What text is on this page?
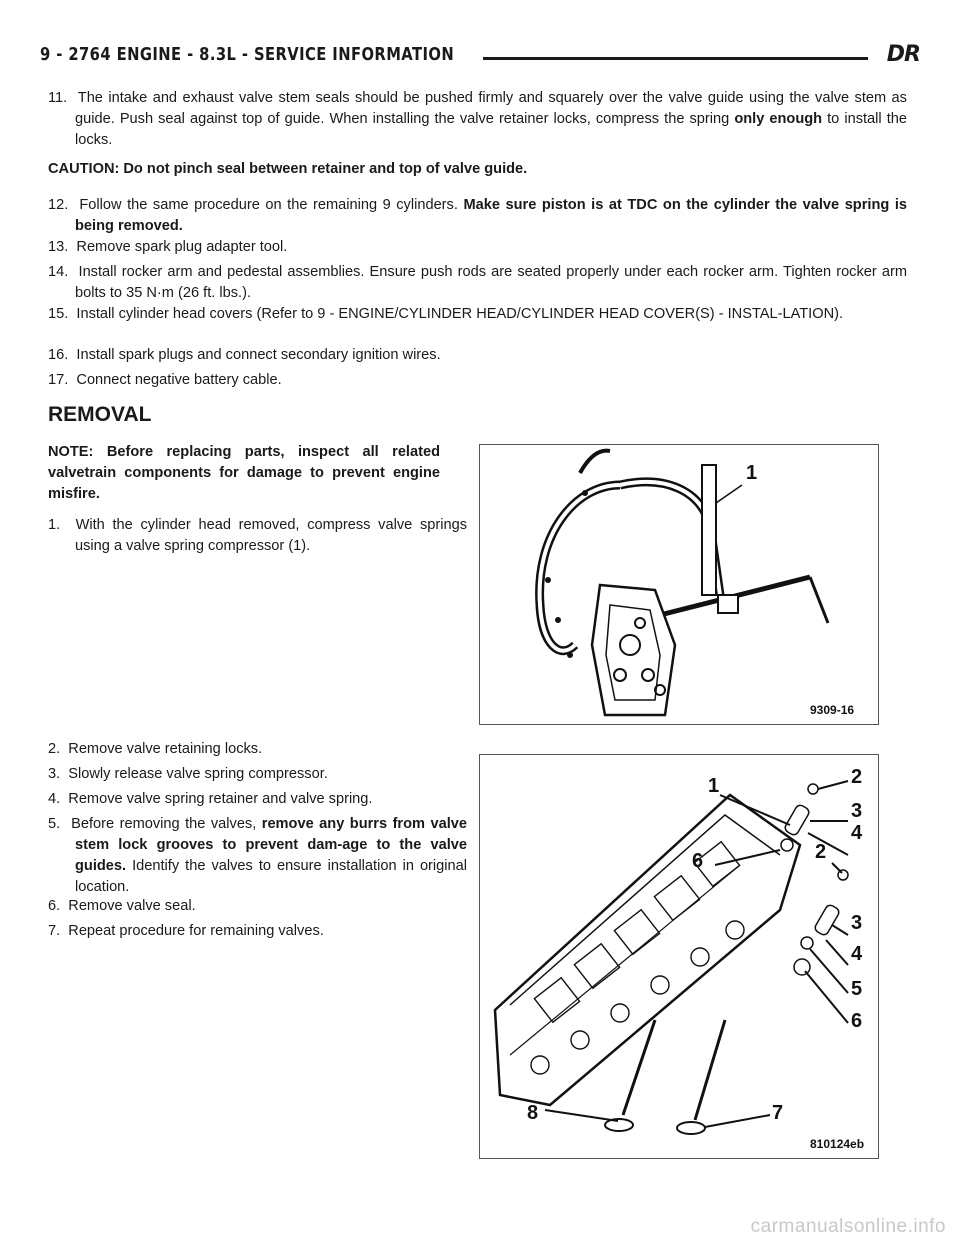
9 - 2764 ENGINE - 8.3L - SERVICE INFORMATION	DR
11. The intake and exhaust valve stem seals should be pushed firmly and squarely over the valve guide using the valve stem as guide. Push seal against top of guide. When installing the valve retainer locks, compress the spring only enough to install the locks.
CAUTION: Do not pinch seal between retainer and top of valve guide.
12. Follow the same procedure on the remaining 9 cylinders. Make sure piston is at TDC on the cylinder the valve spring is being removed.
13. Remove spark plug adapter tool.
14. Install rocker arm and pedestal assemblies. Ensure push rods are seated properly under each rocker arm. Tighten rocker arm bolts to 35 N·m (26 ft. lbs.).
15. Install cylinder head covers (Refer to 9 - ENGINE/CYLINDER HEAD/CYLINDER HEAD COVER(S) - INSTAL-LATION).
16. Install spark plugs and connect secondary ignition wires.
17. Connect negative battery cable.
REMOVAL
NOTE: Before replacing parts, inspect all related valvetrain components for damage to prevent engine misfire.
1. With the cylinder head removed, compress valve springs using a valve spring compressor (1).
2. Remove valve retaining locks.
3. Slowly release valve spring compressor.
4. Remove valve spring retainer and valve spring.
5. Before removing the valves, remove any burrs from valve stem lock grooves to prevent dam-age to the valve guides. Identify the valves to ensure installation in original location.
6. Remove valve seal.
7. Repeat procedure for remaining valves.
1
9309-16
1	2
3
4
6	2
3
4
5
6
8	7
810124eb
carmanualsonline.info
